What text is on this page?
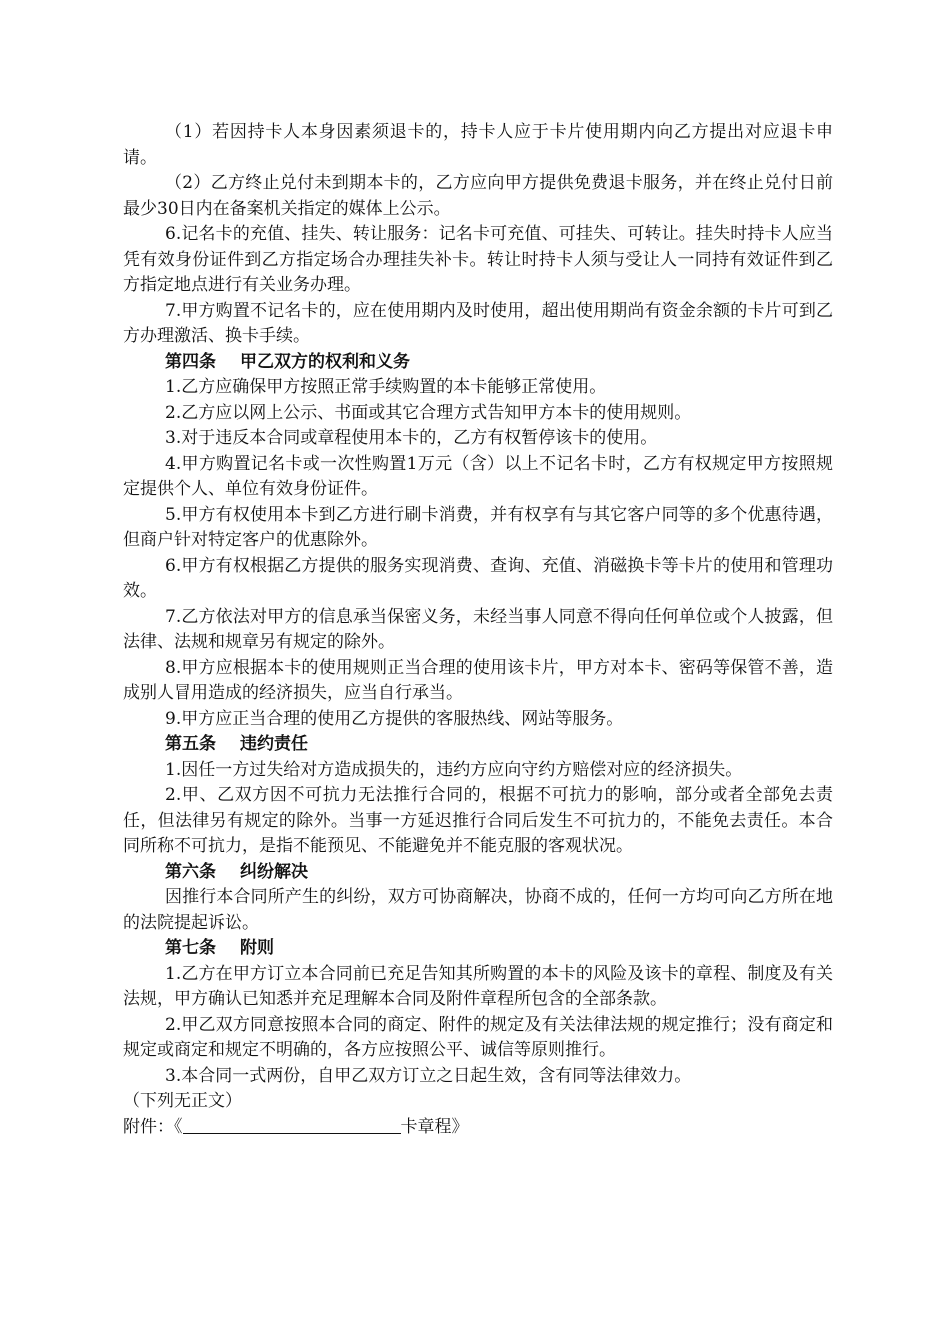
（1）若因持卡人本身因素须退卡的，持卡人应于卡片使用期内向乙方提出对应退卡申请。

（2）乙方终止兑付未到期本卡的，乙方应向甲方提供免费退卡服务，并在终止兑付日前最少30日内在备案机关指定的媒体上公示。

6.记名卡的充值、挂失、转让服务：记名卡可充值、可挂失、可转让。挂失时持卡人应当凭有效身份证件到乙方指定场合办理挂失补卡。转让时持卡人须与受让人一同持有效证件到乙方指定地点进行有关业务办理。

7.甲方购置不记名卡的，应在使用期内及时使用，超出使用期尚有资金余额的卡片可到乙方办理激活、换卡手续。

第四条 甲乙双方的权利和义务

1.乙方应确保甲方按照正常手续购置的本卡能够正常使用。

2.乙方应以网上公示、书面或其它合理方式告知甲方本卡的使用规则。

3.对于违反本合同或章程使用本卡的，乙方有权暂停该卡的使用。

4.甲方购置记名卡或一次性购置1万元（含）以上不记名卡时，乙方有权规定甲方按照规定提供个人、单位有效身份证件。

5.甲方有权使用本卡到乙方进行刷卡消费，并有权享有与其它客户同等的多个优惠待遇，但商户针对特定客户的优惠除外。

6.甲方有权根据乙方提供的服务实现消费、查询、充值、消磁换卡等卡片的使用和管理功效。

7.乙方依法对甲方的信息承当保密义务，未经当事人同意不得向任何单位或个人披露，但法律、法规和规章另有规定的除外。

8.甲方应根据本卡的使用规则正当合理的使用该卡片，甲方对本卡、密码等保管不善，造成别人冒用造成的经济损失，应当自行承当。

9.甲方应正当合理的使用乙方提供的客服热线、网站等服务。

第五条 违约责任

1.因任一方过失给对方造成损失的，违约方应向守约方赔偿对应的经济损失。

2.甲、乙双方因不可抗力无法推行合同的，根据不可抗力的影响，部分或者全部免去责任，但法律另有规定的除外。当事一方延迟推行合同后发生不可抗力的，不能免去责任。本合同所称不可抗力，是指不能预见、不能避免并不能克服的客观状况。

第六条 纠纷解决

因推行本合同所产生的纠纷，双方可协商解决，协商不成的，任何一方均可向乙方所在地的法院提起诉讼。

第七条 附则

1.乙方在甲方订立本合同前已充足告知其所购置的本卡的风险及该卡的章程、制度及有关法规，甲方确认已知悉并充足理解本合同及附件章程所包含的全部条款。

2.甲乙双方同意按照本合同的商定、附件的规定及有关法律法规的规定推行；没有商定和规定或商定和规定不明确的，各方应按照公平、诚信等原则推行。

3.本合同一式两份，自甲乙双方订立之日起生效，含有同等法律效力。

（下列无正文）

附件：《	卡章程》
